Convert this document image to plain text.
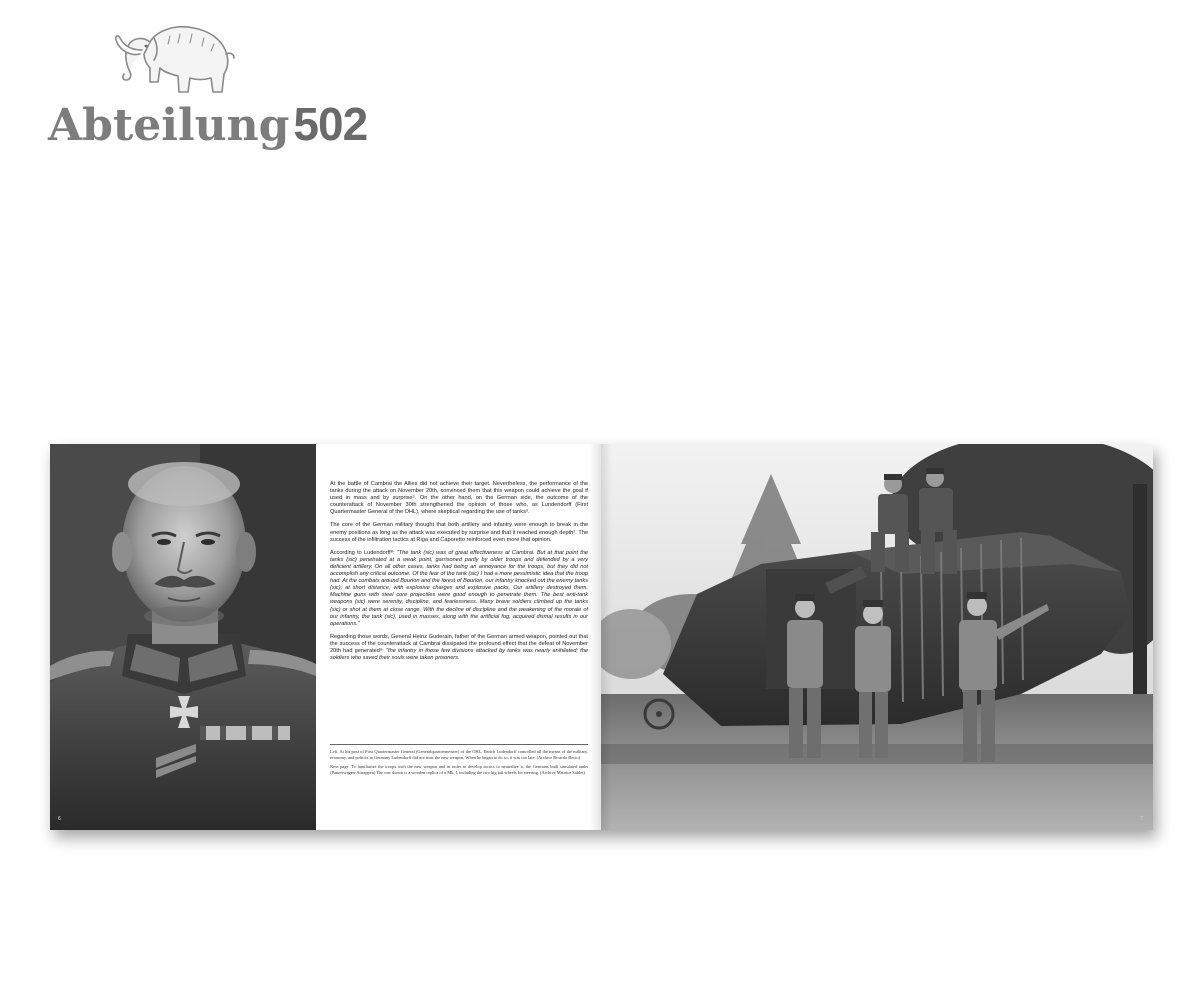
Abteilung502
6

At the battle of Cambrai the Allies did not achieve their target. Nevertheless, the performance of the tanks during the attack on November 20th, convinced them that this weapon could achieve the goal if used in mass and by surprise⁵. On the other hand, on the German side, the outcome of the counterattack of November 30th strengthened the opinion of those who, as Lundendorff (First Quartermaster General of the OHL), where skeptical regarding the use of tanks⁶.

The core of the German military thought that both artillery and infantry were enough to break in the enemy positions as long as the attack was executed by surprise and that it reached enough depth⁷. The success of the infiltration tactics at Riga and Caporetto reinforced even more that opinion.

According to Ludendorff⁸: "The tank (sic) was of great effectiveness at Cambrai. But at that point the tanks (sic) penetrated at a weak point, garrisoned partly by older troops and defended by a very deficient artillery. On all other cases, tanks had being an annoyance for the troops, but they did not accomplish any critical outcome. Of the fear of the tank (sic) I had a more pessimistic idea that the troop had. At the combats around Bourlon and the forest of Bourlon, our infantry knocked out the enemy tanks (sic), at short distance, with explosive charges and explosive packs. Our artillery destroyed them. Machine guns with steel core projectiles were good enough to penetrate them. The best anti-tank weapons (sic) were serenity, discipline, and fearlessness. Many brave soldiers climbed up the tanks (sic) or shot at them at close range. With the decline of discipline and the weakening of the morale of our infantry, the tank (sic), used in masses, along with the artificial fog, acquired dismal results in our operations."

Regarding those words, General Heinz Guderain, father of the German armed weapon, pointed out that the success of the counterattack at Cambrai dissipated the profound effect that the defeat of November 20th had generated⁹: "the infantry in those few divisions attacked by tanks was nearly anihilated; the soldiers who saved their souls were taken prisoners.

Left. At his post of First Quartermaster General (Generalquartiermeister) of the OHL, Enrich Ludendorff controlled all the means of the military, economy, and politics in Germany Ludendorff did not trust the new weapon. When he began to do so, it was too late. (Archive Ricardo Recio).

Next page. To familiarize the troops with the new weapon and in order to develop tactics to neutralize it, the Germans built simulated tanks (Panzerwagen-Attrappen) The one shown is a wooden replica of a Mk. I, including the two big tail wheels for steering. (Archive Maurice Sablet).

7
